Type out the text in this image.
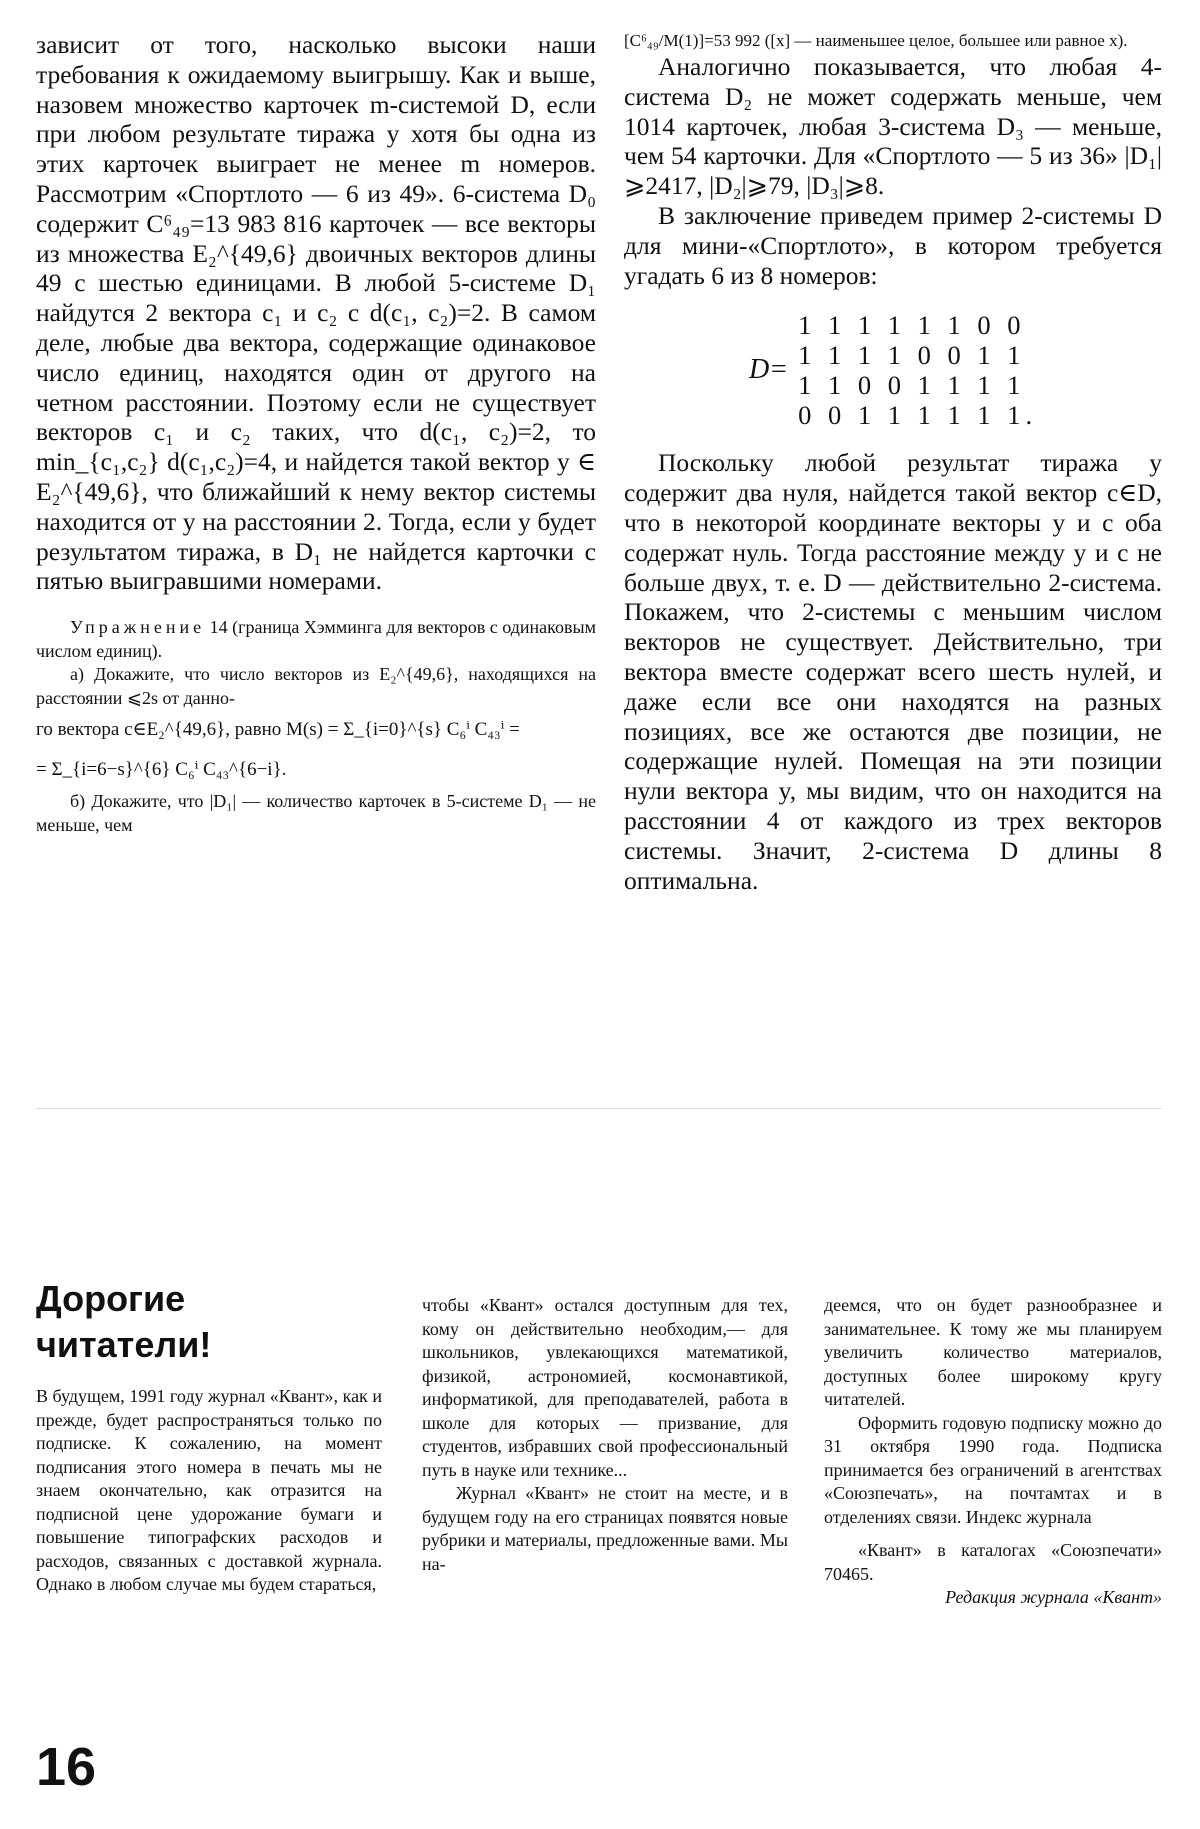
зависит от того, насколько высоки наши требования к ожидаемому выигрышу. Как и выше, назовем множество карточек m-системой D, если при любом результате тиража y хотя бы одна из этих карточек выиграет не менее m номеров. Рассмотрим «Спортлото — 6 из 49». 6-система D₀ содержит C⁶₄₉=13 983 816 карточек — все векторы из множества E₂^{49,6} двоичных векторов длины 49 с шестью единицами. В любой 5-системе D₁ найдутся 2 вектора c₁ и c₂ с d(c₁, c₂)=2. В самом деле, любые два вектора, содержащие одинаковое число единиц, находятся один от другого на четном расстоянии. Поэтому если не существует векторов c₁ и c₂ таких, что d(c₁, c₂)=2, то min_{c₁,c₂} d(c₁,c₂)=4, и найдется такой вектор y ∈ E₂^{49,6}, что ближайший к нему вектор системы находится от y на расстоянии 2. Тогда, если y будет результатом тиража, в D₁ не найдется карточки с пятью выигравшими номерами.

Упражнение 14 (граница Хэмминга для векторов с одинаковым числом единиц).

а) Докажите, что число векторов из E₂^{49,6}, находящихся на расстоянии ⩽2s от данно-

го вектора c∈E₂^{49,6}, равно M(s) = Σ_{i=0}^{s} C₆ⁱ C₄₃ⁱ =
= Σ_{i=6−s}^{6} C₆ⁱ C₄₃^{6−i}.

б) Докажите, что |D₁| — количество карточек в 5-системе D₁ — не меньше, чем

[C⁶₄₉/M(1)]=53 992 ([x] — наименьшее целое, большее или равное x).

Аналогично показывается, что любая 4-система D₂ не может содержать меньше, чем 1014 карточек, любая 3-система D₃ — меньше, чем 54 карточки. Для «Спортлото — 5 из 36» |D₁|⩾2417, |D₂|⩾79, |D₃|⩾8.

В заключение приведем пример 2-системы D для мини-«Спортлото», в котором требуется угадать 6 из 8 номеров:

D=
1 1 1 1 1 1 0 0
1 1 1 1 0 0 1 1
1 1 0 0 1 1 1 1
0 0 1 1 1 1 1 1.

Поскольку любой результат тиража y содержит два нуля, найдется такой вектор c∈D, что в некоторой координате векторы y и c оба содержат нуль. Тогда расстояние между y и c не больше двух, т. е. D — действительно 2-система. Покажем, что 2-системы с меньшим числом векторов не существует. Действительно, три вектора вместе содержат всего шесть нулей, и даже если все они находятся на разных позициях, все же остаются две позиции, не содержащие нулей. Помещая на эти позиции нули вектора y, мы видим, что он находится на расстоянии 4 от каждого из трех векторов системы. Значит, 2-система D длины 8 оптимальна.

Дорогие
читатели!

В будущем, 1991 году журнал «Квант», как и прежде, будет распространяться только по подписке. К сожалению, на момент подписания этого номера в печать мы не знаем окончательно, как отразится на подписной цене удорожание бумаги и повышение типографских расходов и расходов, связанных с доставкой журнала. Однако в любом случае мы будем стараться,

чтобы «Квант» остался доступным для тех, кому он действительно необходим,— для школьников, увлекающихся математикой, физикой, астрономией, космонавтикой, информатикой, для преподавателей, работа в школе для которых — призвание, для студентов, избравших свой профессиональный путь в науке или технике...

Журнал «Квант» не стоит на месте, и в будущем году на его страницах появятся новые рубрики и материалы, предложенные вами. Мы на-

деемся, что он будет разнообразнее и занимательнее. К тому же мы планируем увеличить количество материалов, доступных более широкому кругу читателей.

Оформить годовую подписку можно до 31 октября 1990 года. Подписка принимается без ограничений в агентствах «Союзпечать», на почтамтах и в отделениях связи. Индекс журнала

«Квант» в каталогах «Союзпечати» 70465.

Редакция журнала «Квант»

16
